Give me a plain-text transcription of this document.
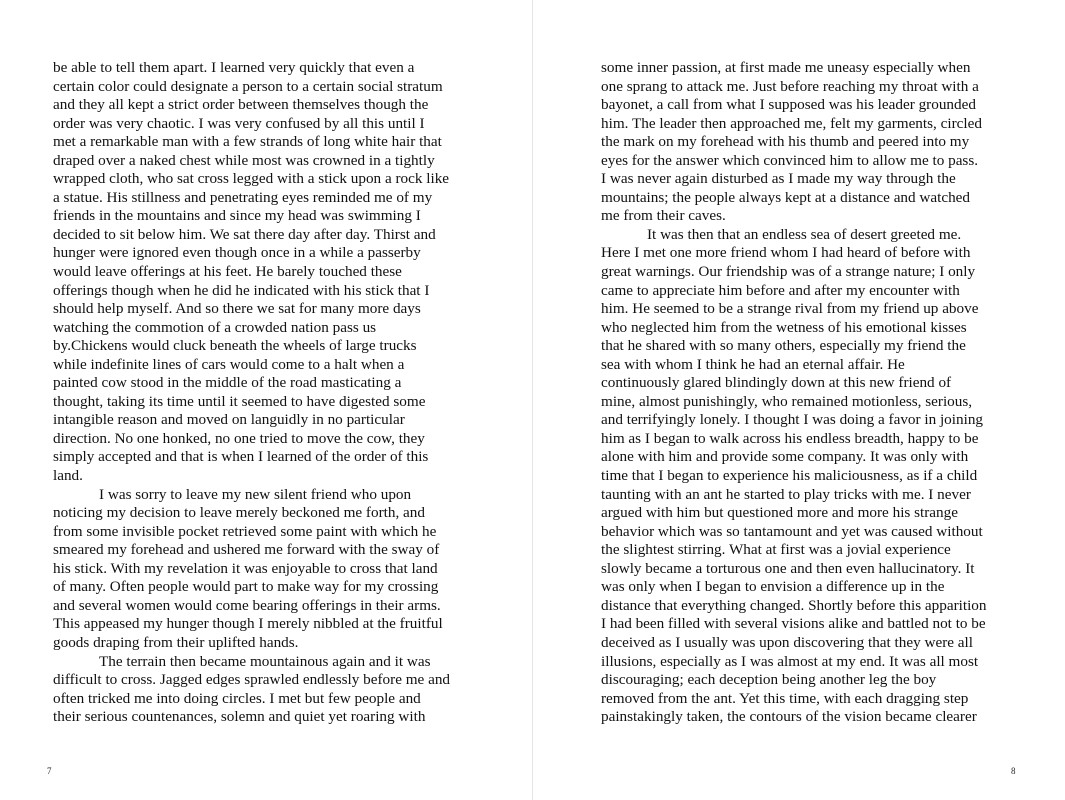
be able to tell them apart. I learned very quickly that even a
certain color could designate a person to a certain social stratum
and they all kept a strict order between themselves though the
order was very chaotic. I was very confused by all this until I
met a remarkable man with a few strands of long white hair that
draped over a naked chest while most was crowned in a tightly
wrapped cloth, who sat cross legged with a stick upon a rock like
a statue. His stillness and penetrating eyes reminded me of my
friends in the mountains and since my head was swimming I
decided to sit below him. We sat there day after day. Thirst and
hunger were ignored even though once in a while a passerby
would leave offerings at his feet. He barely touched these
offerings though when he did he indicated with his stick that I
should help myself. And so there we sat for many more days
watching the commotion of a crowded nation pass us
by.Chickens would cluck beneath the wheels of large trucks
while indefinite lines of cars would come to a halt when a
painted cow stood in the middle of the road masticating a
thought, taking its time until it seemed to have digested some
intangible reason and moved on languidly in no particular
direction. No one honked, no one tried to move the cow, they
simply accepted and that is when I learned of the order of this
land.
I was sorry to leave my new silent friend who upon
noticing my decision to leave merely beckoned me forth, and
from some invisible pocket retrieved some paint with which he
smeared my forehead and ushered me forward with the sway of
his stick. With my revelation it was enjoyable to cross that land
of many. Often people would part to make way for my crossing
and several women would come bearing offerings in their arms.
This appeased my hunger though I merely nibbled at the fruitful
goods draping from their uplifted hands.
The terrain then became mountainous again and it was
difficult to cross. Jagged edges sprawled endlessly before me and
often tricked me into doing circles. I met but few people and
their serious countenances, solemn and quiet yet roaring with
7
some inner passion, at first made me uneasy especially when
one sprang to attack me. Just before reaching my throat with a
bayonet, a call from what I supposed was his leader grounded
him. The leader then approached me, felt my garments, circled
the mark on my forehead with his thumb and peered into my
eyes for the answer which convinced him to allow me to pass.
I was never again disturbed as I made my way through the
mountains; the people always kept at a distance and watched
me from their caves.
It was then that an endless sea of desert greeted me.
Here I met one more friend whom I had heard of before with
great warnings. Our friendship was of a strange nature; I only
came to appreciate him before and after my encounter with
him. He seemed to be a strange rival from my friend up above
who neglected him from the wetness of his emotional kisses
that he shared with so many others, especially my friend the
sea with whom I think he had an eternal affair. He
continuously glared blindingly down at this new friend of
mine, almost punishingly, who remained motionless, serious,
and terrifyingly lonely. I thought I was doing a favor in joining
him as I began to walk across his endless breadth, happy to be
alone with him and provide some company. It was only with
time that I began to experience his maliciousness, as if a child
taunting with an ant he started to play tricks with me. I never
argued with him but questioned more and more his strange
behavior which was so tantamount and yet was caused without
the slightest stirring. What at first was a jovial experience
slowly became a torturous one and then even hallucinatory. It
was only when I began to envision a difference up in the
distance that everything changed. Shortly before this apparition
I had been filled with several visions alike and battled not to be
deceived as I usually was upon discovering that they were all
illusions, especially as I was almost at my end. It was all most
discouraging; each deception being another leg the boy
removed from the ant. Yet this time, with each dragging step
painstakingly taken, the contours of the vision became clearer
8
